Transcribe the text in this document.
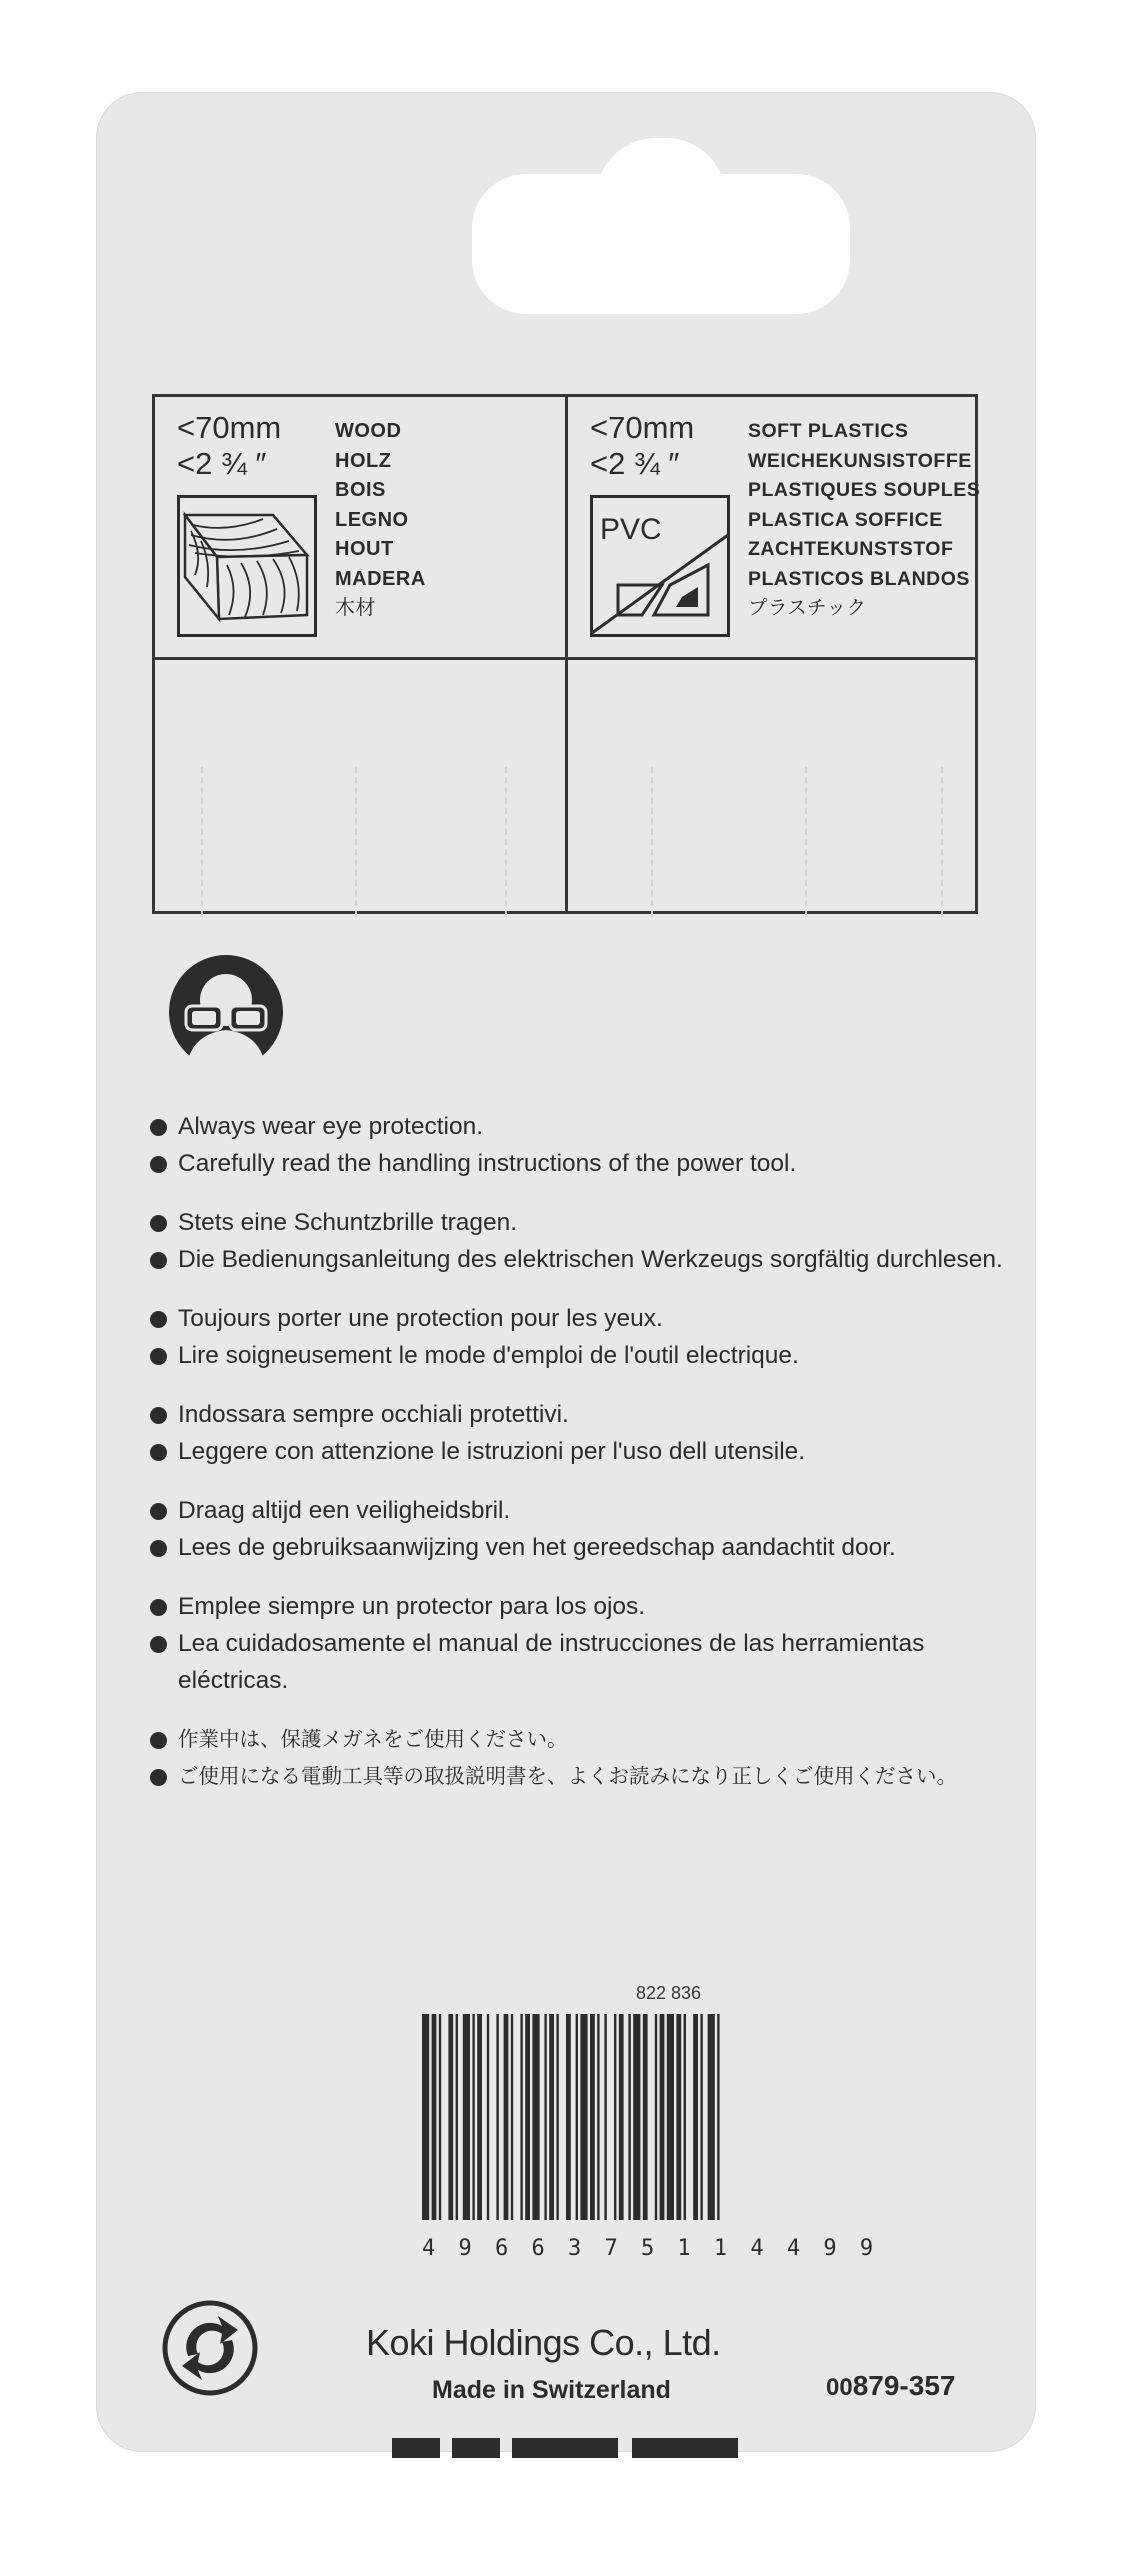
<70mm
<2 ¾ ″
WOOD
HOLZ
BOIS
LEGNO
HOUT
MADERA
木材
<70mm
<2 ¾ ″
PVC
SOFT PLASTICS
WEICHEKUNSISTOFFE
PLASTIQUES SOUPLES
PLASTICA SOFFICE
ZACHTEKUNSTSTOF
PLASTICOS BLANDOS
プラスチック
Always wear eye protection.
Carefully read the handling instructions of the power tool.
Stets eine Schuntzbrille tragen.
Die Bedienungsanleitung des elektrischen Werkzeugs sorgfältig durchlesen.
Toujours porter une protection pour les yeux.
Lire soigneusement le mode d'emploi de l'outil electrique.
Indossara sempre occhiali protettivi.
Leggere con attenzione le istruzioni per l'uso dell utensile.
Draag altijd een veiligheidsbril.
Lees de gebruiksaanwijzing ven het gereedschap aandachtit door.
Emplee siempre un protector para los ojos.
Lea cuidadosamente el manual de instrucciones de las herramientas eléctricas.
作業中は、保護メガネをご使用ください。
ご使用になる電動工具等の取扱説明書を、よくお読みになり正しくご使用ください。
822 836
4 9 6 6 3 7 5 1 1 4 4 9 9
Koki Holdings Co., Ltd.
Made in Switzerland	00879-357
